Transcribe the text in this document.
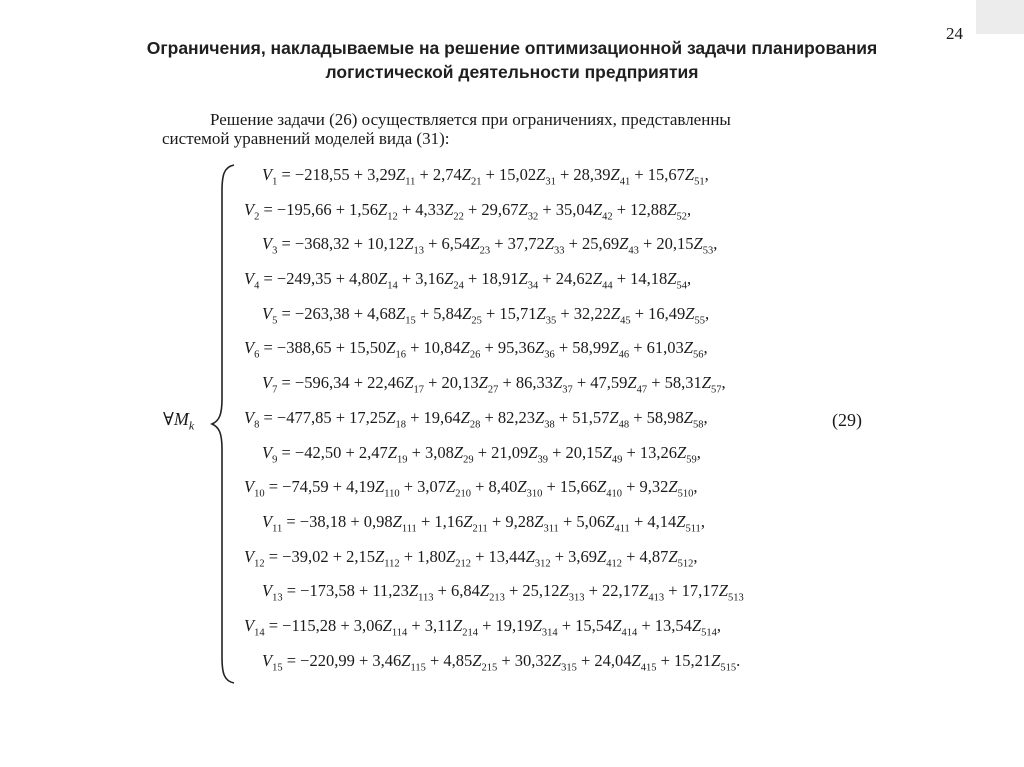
24
Ограничения, накладываемые на решение оптимизационной задачи планирования
логистической деятельности предприятия
Решение задачи (26) осуществляется при ограничениях, представленны
системой уравнений моделей вида (31):
$\forall M_k$
$V_1 = -218,55 + 3,29Z_{11} + 2,74Z_{21} + 15,02Z_{31} + 28,39Z_{41} + 15,67Z_{51}$,
$V_2 = -195,66 + 1,56Z_{12} + 4,33Z_{22} + 29,67Z_{32} + 35,04Z_{42} + 12,88Z_{52}$,
$V_3 = -368,32 + 10,12Z_{13} + 6,54Z_{23} + 37,72Z_{33} + 25,69Z_{43} + 20,15Z_{53}$,
$V_4 = -249,35 + 4,80Z_{14} + 3,16Z_{24} + 18,91Z_{34} + 24,62Z_{44} + 14,18Z_{54}$,
$V_5 = -263,38 + 4,68Z_{15} + 5,84Z_{25} + 15,71Z_{35} + 32,22Z_{45} + 16,49Z_{55}$,
$V_6 = -388,65 + 15,50Z_{16} + 10,84Z_{26} + 95,36Z_{36} + 58,99Z_{46} + 61,03Z_{56}$,
$V_7 = -596,34 + 22,46Z_{17} + 20,13Z_{27} + 86,33Z_{37} + 47,59Z_{47} + 58,31Z_{57}$,
$V_8 = -477,85 + 17,25Z_{18} + 19,64Z_{28} + 82,23Z_{38} + 51,57Z_{48} + 58,98Z_{58}$,
$V_9 = -42,50 + 2,47Z_{19} + 3,08Z_{29} + 21,09Z_{39} + 20,15Z_{49} + 13,26Z_{59}$,
$V_{10} = -74,59 + 4,19Z_{110} + 3,07Z_{210} + 8,40Z_{310} + 15,66Z_{410} + 9,32Z_{510}$,
$V_{11} = -38,18 + 0,98Z_{111} + 1,16Z_{211} + 9,28Z_{311} + 5,06Z_{411} + 4,14Z_{511}$,
$V_{12} = -39,02 + 2,15Z_{112} + 1,80Z_{212} + 13,44Z_{312} + 3,69Z_{412} + 4,87Z_{512}$,
$V_{13} = -173,58 + 11,23Z_{113} + 6,84Z_{213} + 25,12Z_{313} + 22,17Z_{413} + 17,17Z_{513}$
$V_{14} = -115,28 + 3,06Z_{114} + 3,11Z_{214} + 19,19Z_{314} + 15,54Z_{414} + 13,54Z_{514}$,
$V_{15} = -220,99 + 3,46Z_{115} + 4,85Z_{215} + 30,32Z_{315} + 24,04Z_{415} + 15,21Z_{515}$.
(29)
